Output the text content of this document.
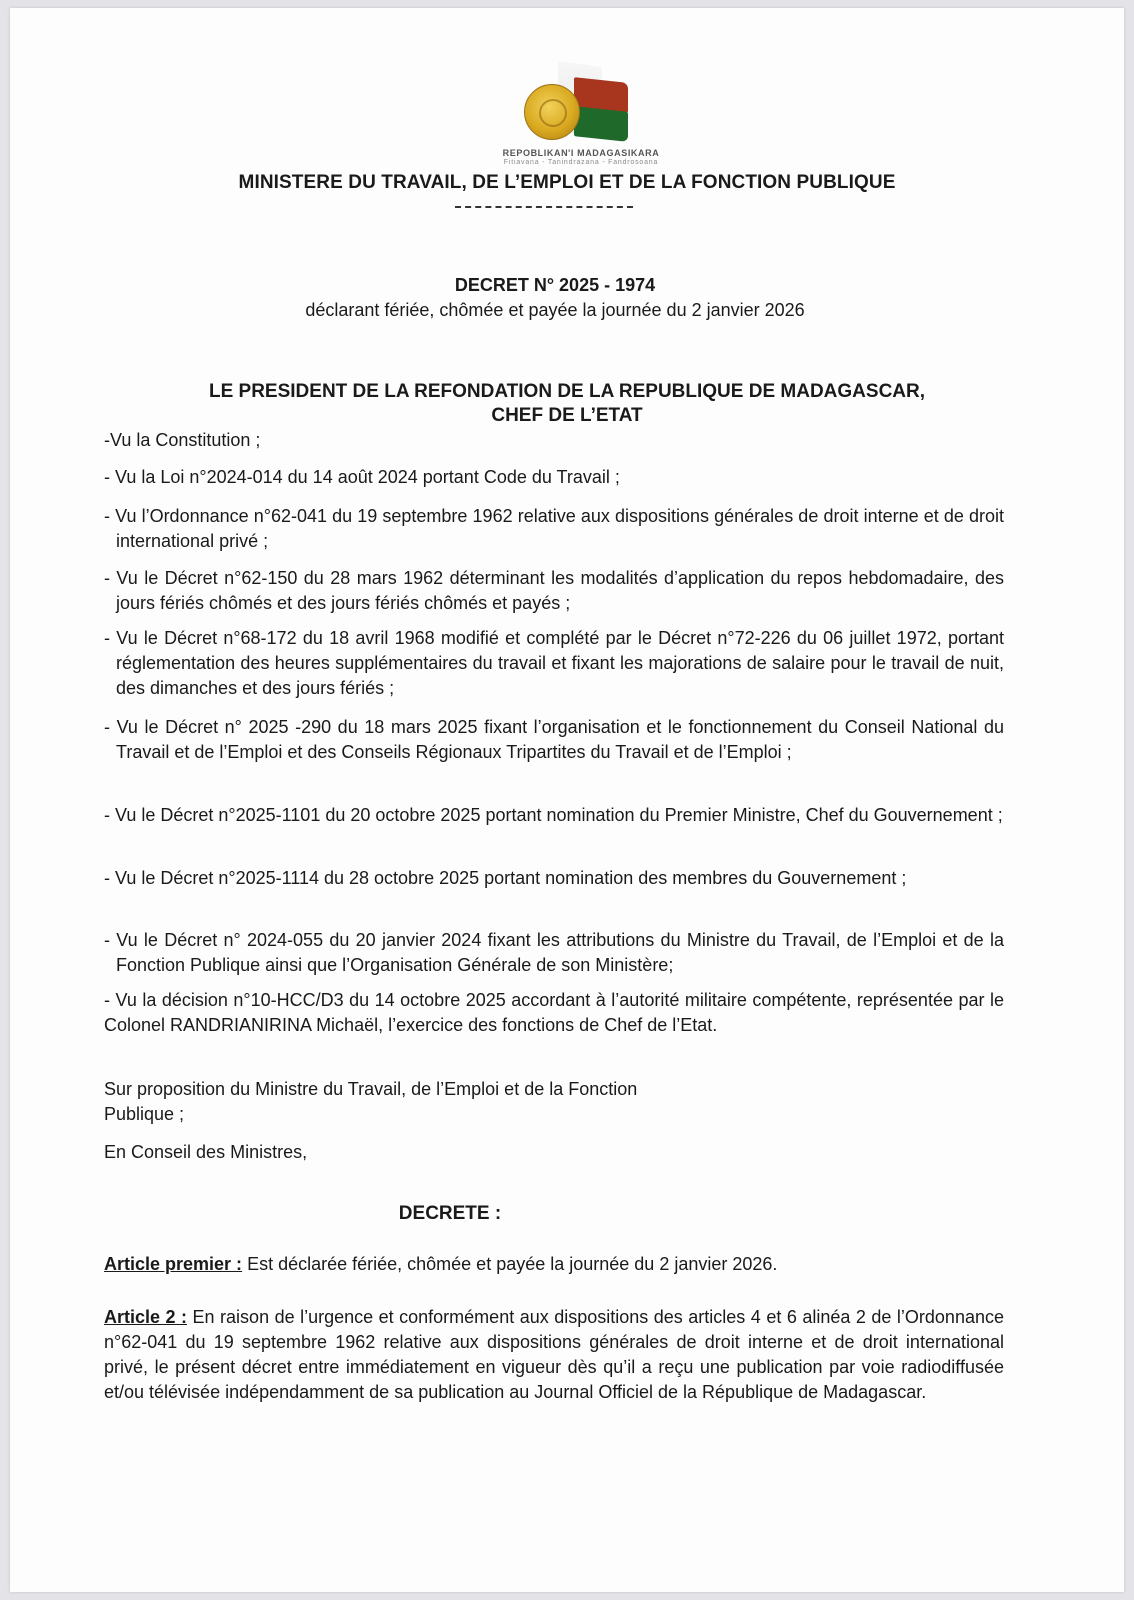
REPOBLIKAN'I MADAGASIKARA
Fitiavana - Tanindrazana - Fandrosoana
MINISTERE DU TRAVAIL, DE L’EMPLOI ET DE LA FONCTION PUBLIQUE
DECRET N° 2025 - 1974
déclarant fériée, chômée et payée la journée du 2 janvier 2026
LE PRESIDENT DE LA REFONDATION DE LA REPUBLIQUE DE MADAGASCAR,
CHEF DE L’ETAT
-Vu la Constitution ;
- Vu la Loi n°2024-014 du 14 août 2024 portant Code du Travail ;
- Vu l’Ordonnance n°62-041 du 19 septembre 1962 relative aux dispositions générales de droit interne et de droit international privé ;
- Vu le Décret n°62-150 du 28 mars 1962 déterminant les modalités d’application du repos hebdomadaire, des jours fériés chômés et des jours fériés chômés et payés ;
- Vu le Décret n°68-172 du 18 avril 1968 modifié et complété par le Décret n°72-226 du 06 juillet 1972, portant réglementation des heures supplémentaires du travail et fixant les majorations de salaire pour le travail de nuit, des dimanches et des jours fériés ;
- Vu le Décret n° 2025 -290 du 18 mars 2025 fixant l’organisation et le fonctionnement du Conseil National du Travail et de l’Emploi et des Conseils Régionaux Tripartites du Travail et de l’Emploi ;
- Vu le Décret n°2025-1101 du 20 octobre 2025 portant nomination du Premier Ministre, Chef du Gouvernement ;
- Vu le Décret n°2025-1114 du 28 octobre 2025 portant nomination des membres du Gouvernement ;
- Vu le Décret n° 2024-055 du 20 janvier 2024 fixant les attributions du Ministre du Travail, de l’Emploi et de la Fonction Publique ainsi que l’Organisation Générale de son Ministère;
- Vu la décision n°10-HCC/D3 du 14 octobre 2025 accordant à l’autorité militaire compétente, représentée par le Colonel RANDRIANIRINA Michaël, l’exercice des fonctions de Chef de l’Etat.
Sur proposition du Ministre du Travail, de l’Emploi et de la Fonction
Publique ;
En Conseil des Ministres,
DECRETE :
Article premier : Est déclarée fériée, chômée et payée la journée du 2 janvier 2026.
Article 2 : En raison de l’urgence et conformément aux dispositions des articles 4 et 6 alinéa 2 de l’Ordonnance n°62-041 du 19 septembre 1962 relative aux dispositions générales de droit interne et de droit international privé, le présent décret entre immédiatement en vigueur dès qu’il a reçu une publication par voie radiodiffusée et/ou télévisée indépendamment de sa publication au Journal Officiel de la République de Madagascar.
